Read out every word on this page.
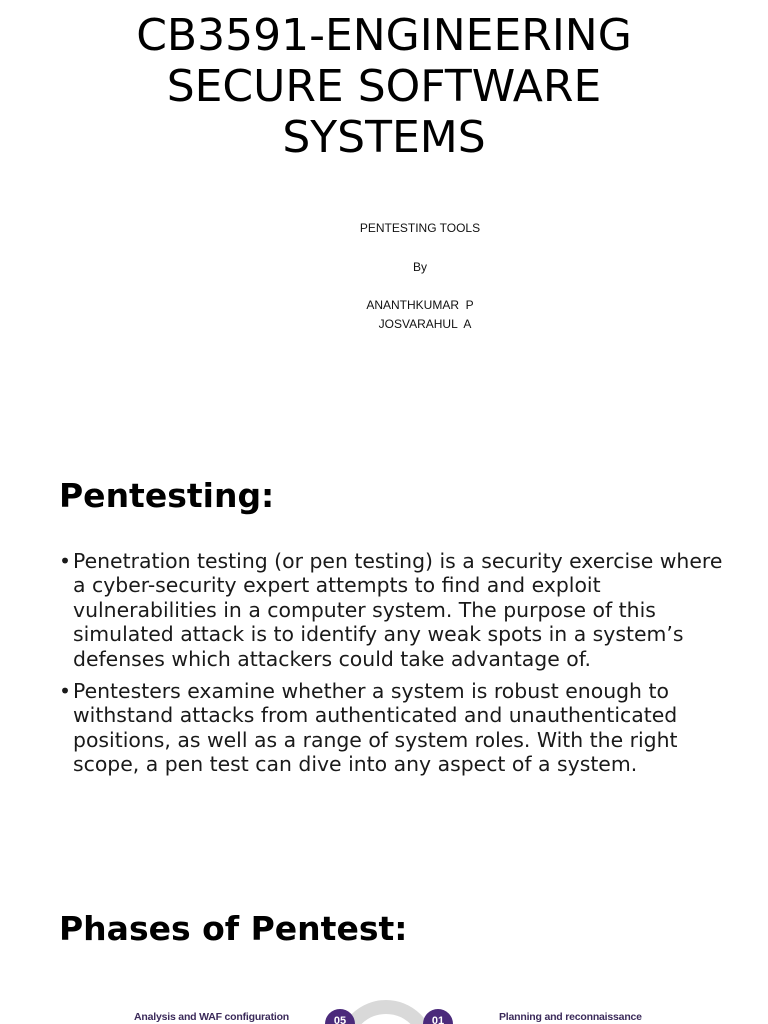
CB3591-ENGINEERING
SECURE SOFTWARE
SYSTEMS
PENTESTING TOOLS
By
ANANTHKUMAR  P
JOSVARAHUL  A
Pentesting:
• Penetration testing (or pen testing) is a security exercise where a cyber-security expert attempts to find and exploit vulnerabilities in a computer system. The purpose of this simulated attack is to identify any weak spots in a system’s defenses which attackers could take advantage of.
• Pentesters examine whether a system is robust enough to withstand attacks from authenticated and unauthenticated positions, as well as a range of system roles. With the right scope, a pen test can dive into any aspect of a system.
Phases of Pentest:
Analysis and WAF configuration	05	01	Planning and reconnaissance
